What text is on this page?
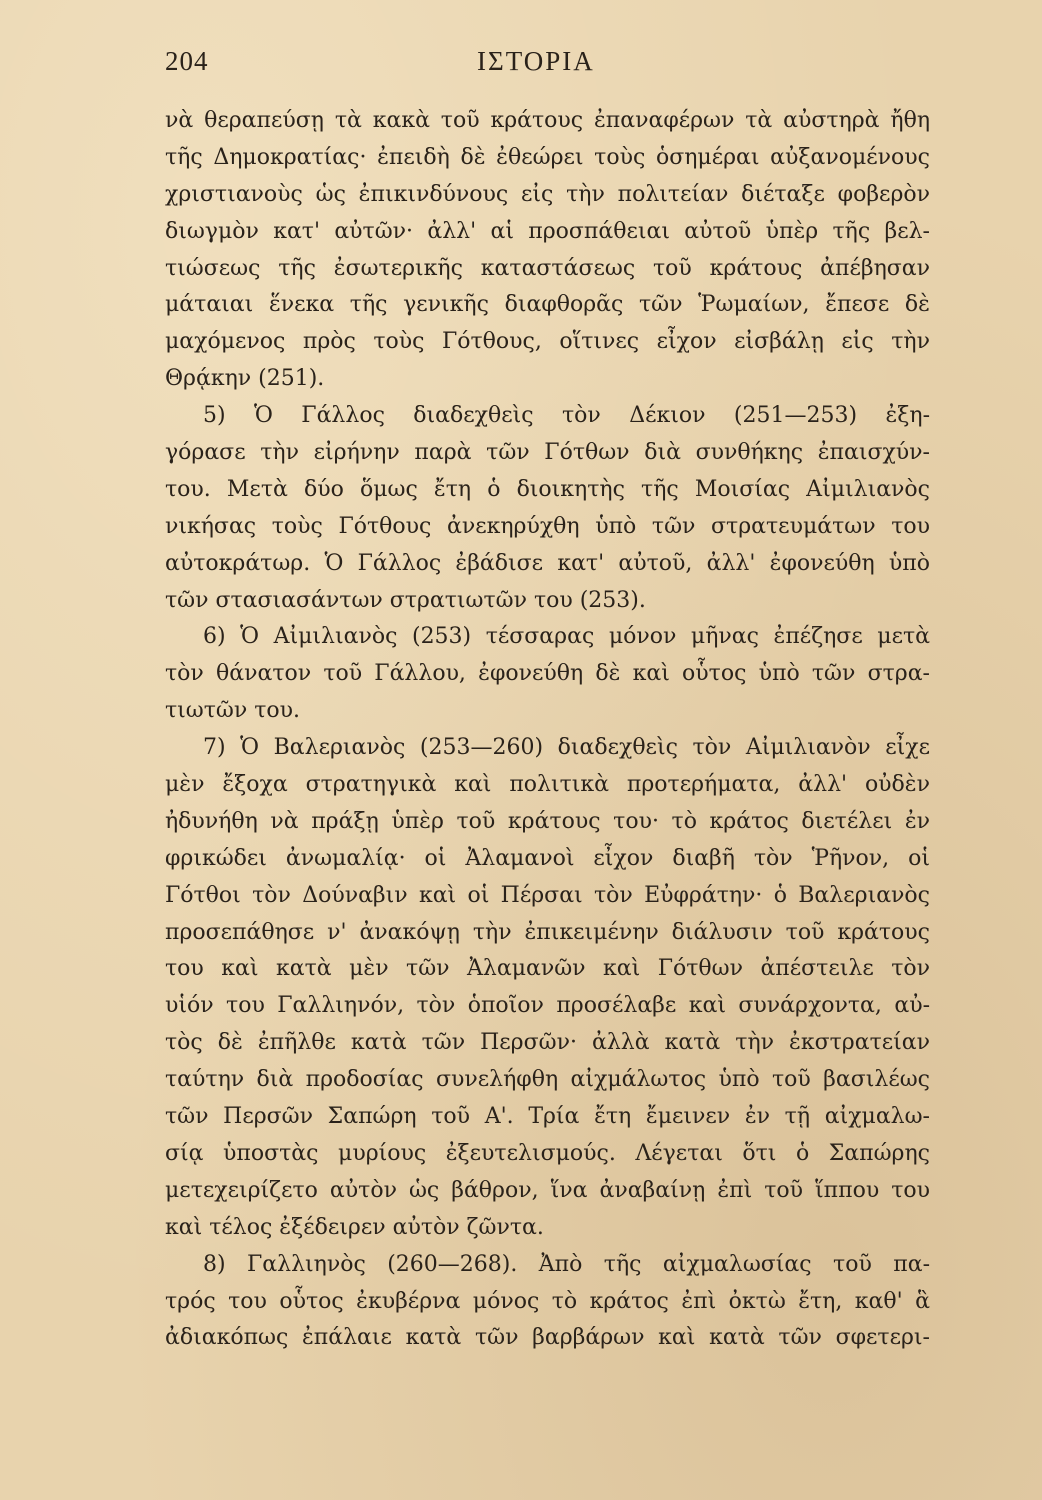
204	ΙΣΤΟΡΙΑ
νὰ θεραπεύσῃ τὰ κακὰ τοῦ κράτους ἐπαναφέρων τὰ αὐστηρὰ ἤθη
τῆς Δημοκρατίας· ἐπειδὴ δὲ ἐθεώρει τοὺς ὁσημέραι αὐξανομένους
χριστιανοὺς ὡς ἐπικινδύνους εἰς τὴν πολιτείαν διέταξε φοβερὸν
διωγμὸν κατ' αὐτῶν· ἀλλ' αἱ προσπάθειαι αὐτοῦ ὑπὲρ τῆς βελ-
τιώσεως τῆς ἐσωτερικῆς καταστάσεως τοῦ κράτους ἀπέβησαν
μάταιαι ἕνεκα τῆς γενικῆς διαφθορᾶς τῶν Ῥωμαίων, ἔπεσε δὲ
μαχόμενος πρὸς τοὺς Γότθους, οἵτινες εἶχον εἰσβάλῃ εἰς τὴν
Θρᾴκην (251).
5) Ὁ Γάλλος διαδεχθεὶς τὸν Δέκιον (251—253) ἐξη-
γόρασε τὴν εἰρήνην παρὰ τῶν Γότθων διὰ συνθήκης ἐπαισχύν-
του. Μετὰ δύο ὅμως ἔτη ὁ διοικητὴς τῆς Μοισίας Αἰμιλιανὸς
νικήσας τοὺς Γότθους ἀνεκηρύχθη ὑπὸ τῶν στρατευμάτων του
αὐτοκράτωρ. Ὁ Γάλλος ἐβάδισε κατ' αὐτοῦ, ἀλλ' ἐφονεύθη ὑπὸ
τῶν στασιασάντων στρατιωτῶν του (253).
6) Ὁ Αἰμιλιανὸς (253) τέσσαρας μόνον μῆνας ἐπέζησε μετὰ
τὸν θάνατον τοῦ Γάλλου, ἐφονεύθη δὲ καὶ οὗτος ὑπὸ τῶν στρα-
τιωτῶν του.
7) Ὁ Βαλεριανὸς (253—260) διαδεχθεὶς τὸν Αἰμιλιανὸν εἶχε
μὲν ἔξοχα στρατηγικὰ καὶ πολιτικὰ προτερήματα, ἀλλ' οὐδὲν
ἠδυνήθη νὰ πράξῃ ὑπὲρ τοῦ κράτους του· τὸ κράτος διετέλει ἐν
φρικώδει ἀνωμαλίᾳ· οἱ Ἀλαμανοὶ εἶχον διαβῆ τὸν Ῥῆνον, οἱ
Γότθοι τὸν Δούναβιν καὶ οἱ Πέρσαι τὸν Εὐφράτην· ὁ Βαλεριανὸς
προσεπάθησε ν' ἀνακόψῃ τὴν ἐπικειμένην διάλυσιν τοῦ κράτους
του καὶ κατὰ μὲν τῶν Ἀλαμανῶν καὶ Γότθων ἀπέστειλε τὸν
υἱόν του Γαλλιηνόν, τὸν ὁποῖον προσέλαβε καὶ συνάρχοντα, αὐ-
τὸς δὲ ἐπῆλθε κατὰ τῶν Περσῶν· ἀλλὰ κατὰ τὴν ἐκστρατείαν
ταύτην διὰ προδοσίας συνελήφθη αἰχμάλωτος ὑπὸ τοῦ βασιλέως
τῶν Περσῶν Σαπώρη τοῦ Α'. Τρία ἔτη ἔμεινεν ἐν τῇ αἰχμαλω-
σίᾳ ὑποστὰς μυρίους ἐξευτελισμούς. Λέγεται ὅτι ὁ Σαπώρης
μετεχειρίζετο αὐτὸν ὡς βάθρον, ἵνα ἀναβαίνῃ ἐπὶ τοῦ ἵππου του
καὶ τέλος ἐξέδειρεν αὐτὸν ζῶντα.
8) Γαλλιηνὸς (260—268). Ἀπὸ τῆς αἰχμαλωσίας τοῦ πα-
τρός του οὗτος ἐκυβέρνα μόνος τὸ κράτος ἐπὶ ὀκτὼ ἔτη, καθ' ἃ
ἀδιακόπως ἐπάλαιε κατὰ τῶν βαρβάρων καὶ κατὰ τῶν σφετερι-
